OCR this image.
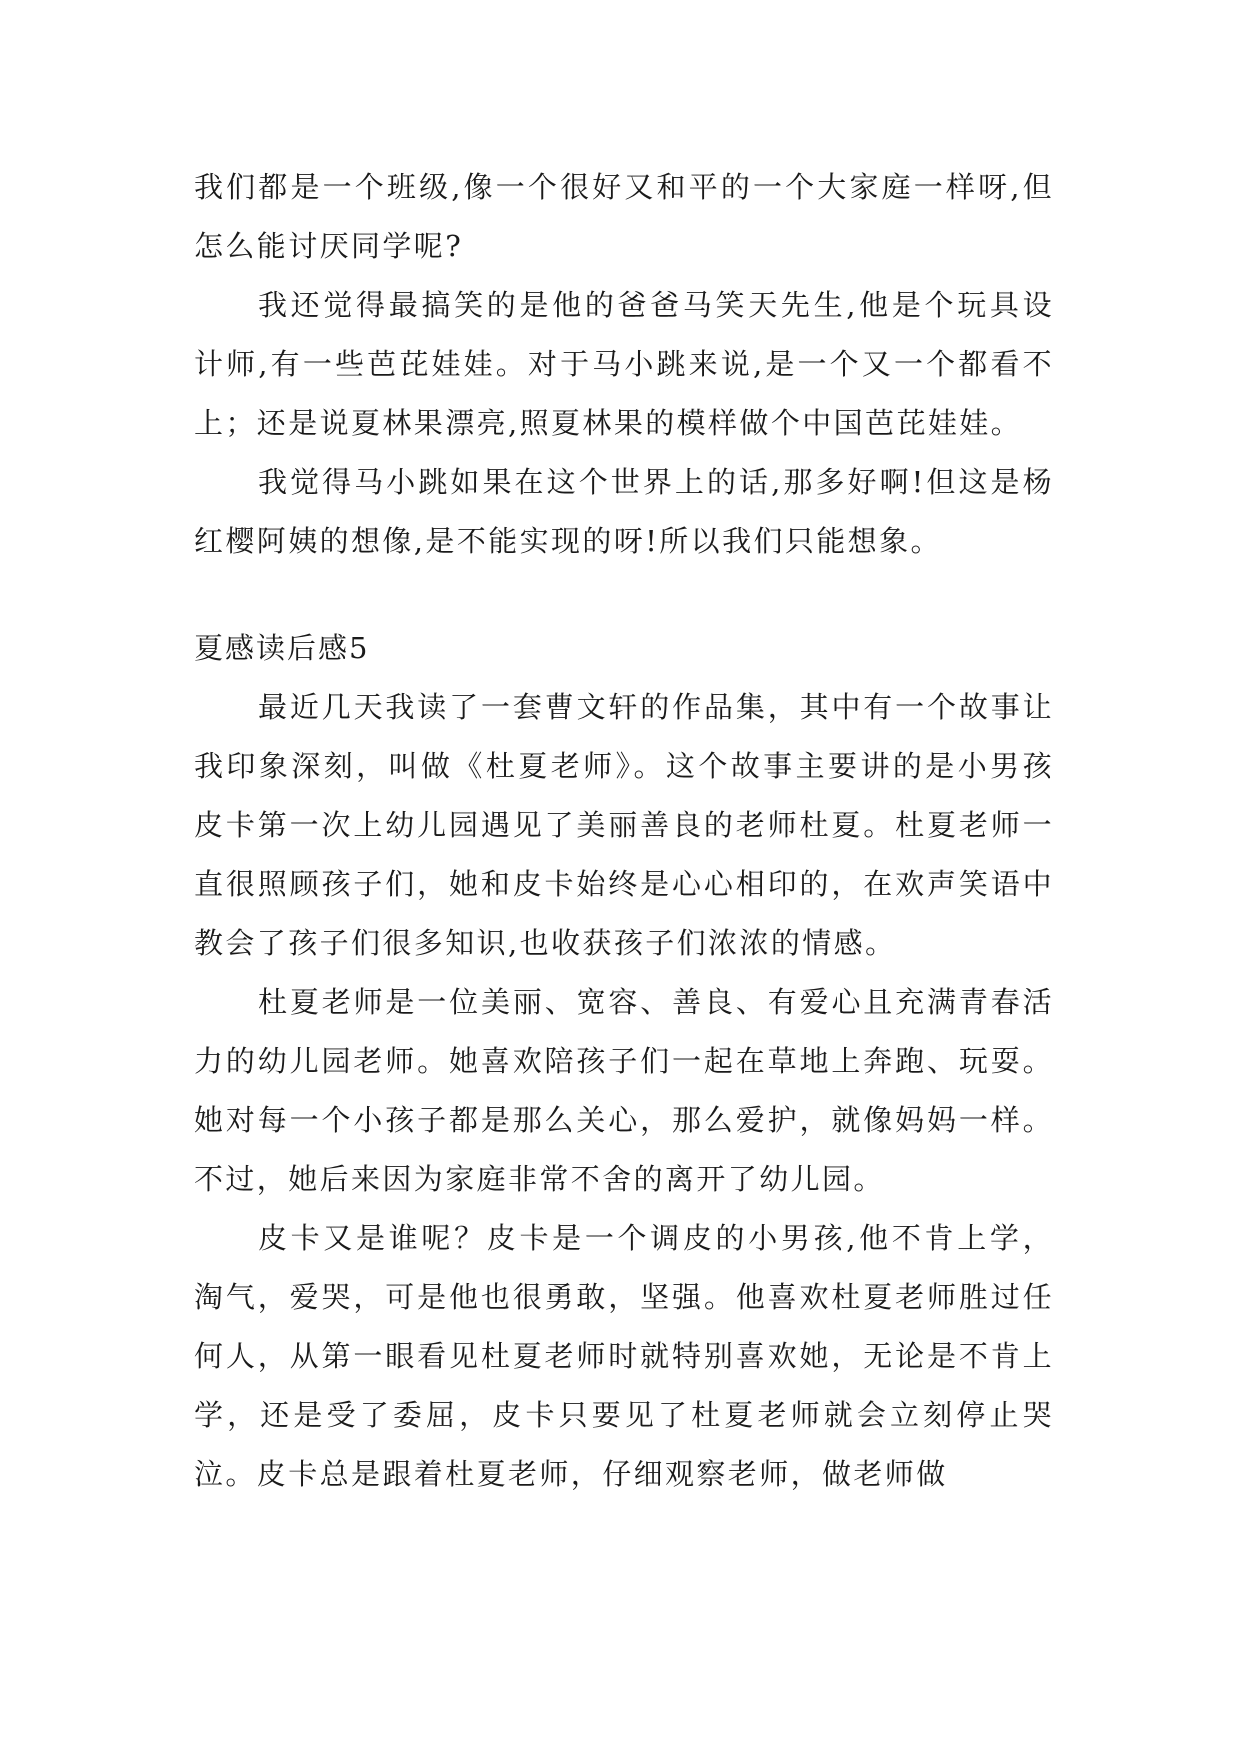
我们都是一个班级,像一个很好又和平的一个大家庭一样呀,但怎么能讨厌同学呢?

我还觉得最搞笑的是他的爸爸马笑天先生,他是个玩具设计师,有一些芭芘娃娃。对于马小跳来说,是一个又一个都看不上；还是说夏林果漂亮,照夏林果的模样做个中国芭芘娃娃。

我觉得马小跳如果在这个世界上的话,那多好啊!但这是杨红樱阿姨的想像,是不能实现的呀!所以我们只能想象。

夏感读后感5

最近几天我读了一套曹文轩的作品集，其中有一个故事让我印象深刻，叫做《杜夏老师》。这个故事主要讲的是小男孩皮卡第一次上幼儿园遇见了美丽善良的老师杜夏。杜夏老师一直很照顾孩子们，她和皮卡始终是心心相印的，在欢声笑语中教会了孩子们很多知识,也收获孩子们浓浓的情感。

杜夏老师是一位美丽、宽容、善良、有爱心且充满青春活力的幼儿园老师。她喜欢陪孩子们一起在草地上奔跑、玩耍。她对每一个小孩子都是那么关心，那么爱护，就像妈妈一样。不过，她后来因为家庭非常不舍的离开了幼儿园。

皮卡又是谁呢？皮卡是一个调皮的小男孩,他不肯上学，淘气，爱哭，可是他也很勇敢，坚强。他喜欢杜夏老师胜过任何人，从第一眼看见杜夏老师时就特别喜欢她，无论是不肯上学，还是受了委屈，皮卡只要见了杜夏老师就会立刻停止哭泣。皮卡总是跟着杜夏老师，仔细观察老师，做老师做
